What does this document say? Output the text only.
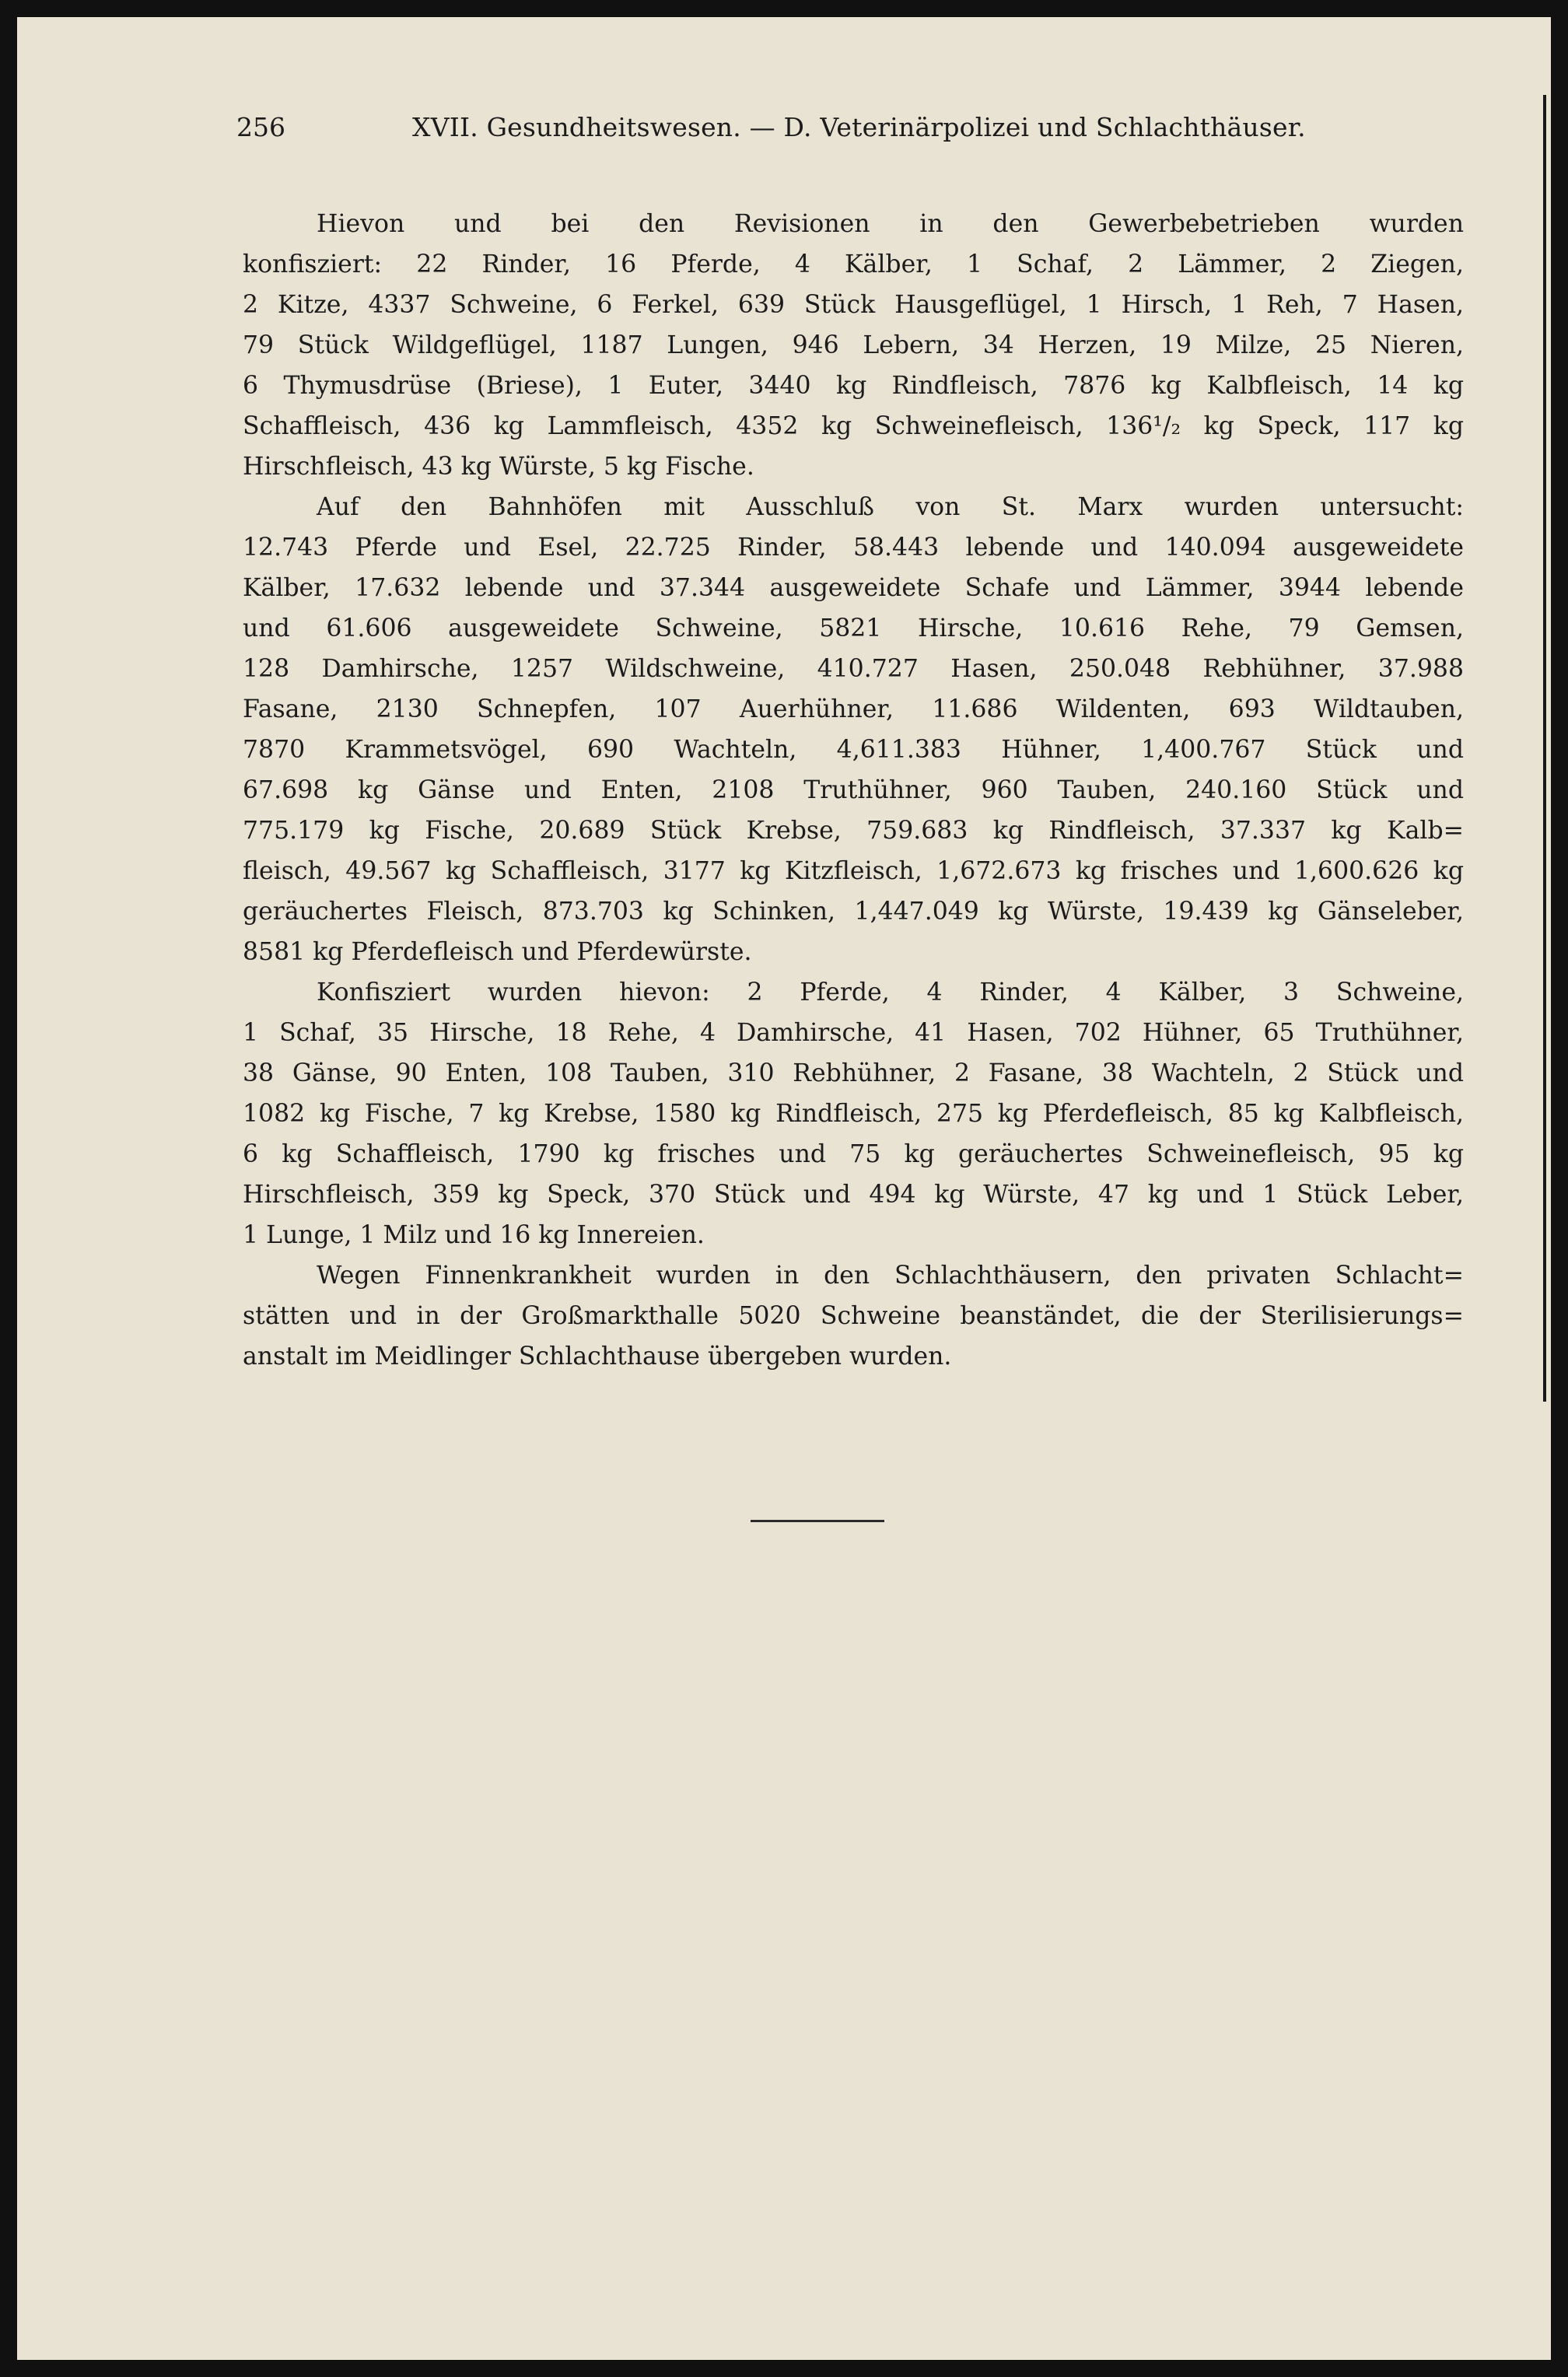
256	XVII. Gesundheitswesen. — D. Veterinärpolizei und Schlachthäuser.
Hievon und bei den Revisionen in den Gewerbebetrieben wurden
konfisziert: 22 Rinder, 16 Pferde, 4 Kälber, 1 Schaf, 2 Lämmer, 2 Ziegen,
2 Kitze, 4337 Schweine, 6 Ferkel, 639 Stück Hausgeflügel, 1 Hirsch, 1 Reh, 7 Hasen,
79 Stück Wildgeflügel, 1187 Lungen, 946 Lebern, 34 Herzen, 19 Milze, 25 Nieren,
6 Thymusdrüse (Briese), 1 Euter, 3440 kg Rindfleisch, 7876 kg Kalbfleisch, 14 kg
Schaffleisch, 436 kg Lammfleisch, 4352 kg Schweinefleisch, 136¹/₂ kg Speck, 117 kg
Hirschfleisch, 43 kg Würste, 5 kg Fische.
Auf den Bahnhöfen mit Ausschluß von St. Marx wurden untersucht:
12.743 Pferde und Esel, 22.725 Rinder, 58.443 lebende und 140.094 ausgeweidete
Kälber, 17.632 lebende und 37.344 ausgeweidete Schafe und Lämmer, 3944 lebende
und 61.606 ausgeweidete Schweine, 5821 Hirsche, 10.616 Rehe, 79 Gemsen,
128 Damhirsche, 1257 Wildschweine, 410.727 Hasen, 250.048 Rebhühner, 37.988
Fasane, 2130 Schnepfen, 107 Auerhühner, 11.686 Wildenten, 693 Wildtauben,
7870 Krammetsvögel, 690 Wachteln, 4,611.383 Hühner, 1,400.767 Stück und
67.698 kg Gänse und Enten, 2108 Truthühner, 960 Tauben, 240.160 Stück und
775.179 kg Fische, 20.689 Stück Krebse, 759.683 kg Rindfleisch, 37.337 kg Kalb=
fleisch, 49.567 kg Schaffleisch, 3177 kg Kitzfleisch, 1,672.673 kg frisches und 1,600.626 kg
geräuchertes Fleisch, 873.703 kg Schinken, 1,447.049 kg Würste, 19.439 kg Gänseleber,
8581 kg Pferdefleisch und Pferdewürste.
Konfisziert wurden hievon: 2 Pferde, 4 Rinder, 4 Kälber, 3 Schweine,
1 Schaf, 35 Hirsche, 18 Rehe, 4 Damhirsche, 41 Hasen, 702 Hühner, 65 Truthühner,
38 Gänse, 90 Enten, 108 Tauben, 310 Rebhühner, 2 Fasane, 38 Wachteln, 2 Stück und
1082 kg Fische, 7 kg Krebse, 1580 kg Rindfleisch, 275 kg Pferdefleisch, 85 kg Kalbfleisch,
6 kg Schaffleisch, 1790 kg frisches und 75 kg geräuchertes Schweinefleisch, 95 kg
Hirschfleisch, 359 kg Speck, 370 Stück und 494 kg Würste, 47 kg und 1 Stück Leber,
1 Lunge, 1 Milz und 16 kg Innereien.
Wegen Finnenkrankheit wurden in den Schlachthäusern, den privaten Schlacht=
stätten und in der Großmarkthalle 5020 Schweine beanständet, die der Sterilisierungs=
anstalt im Meidlinger Schlachthause übergeben wurden.
